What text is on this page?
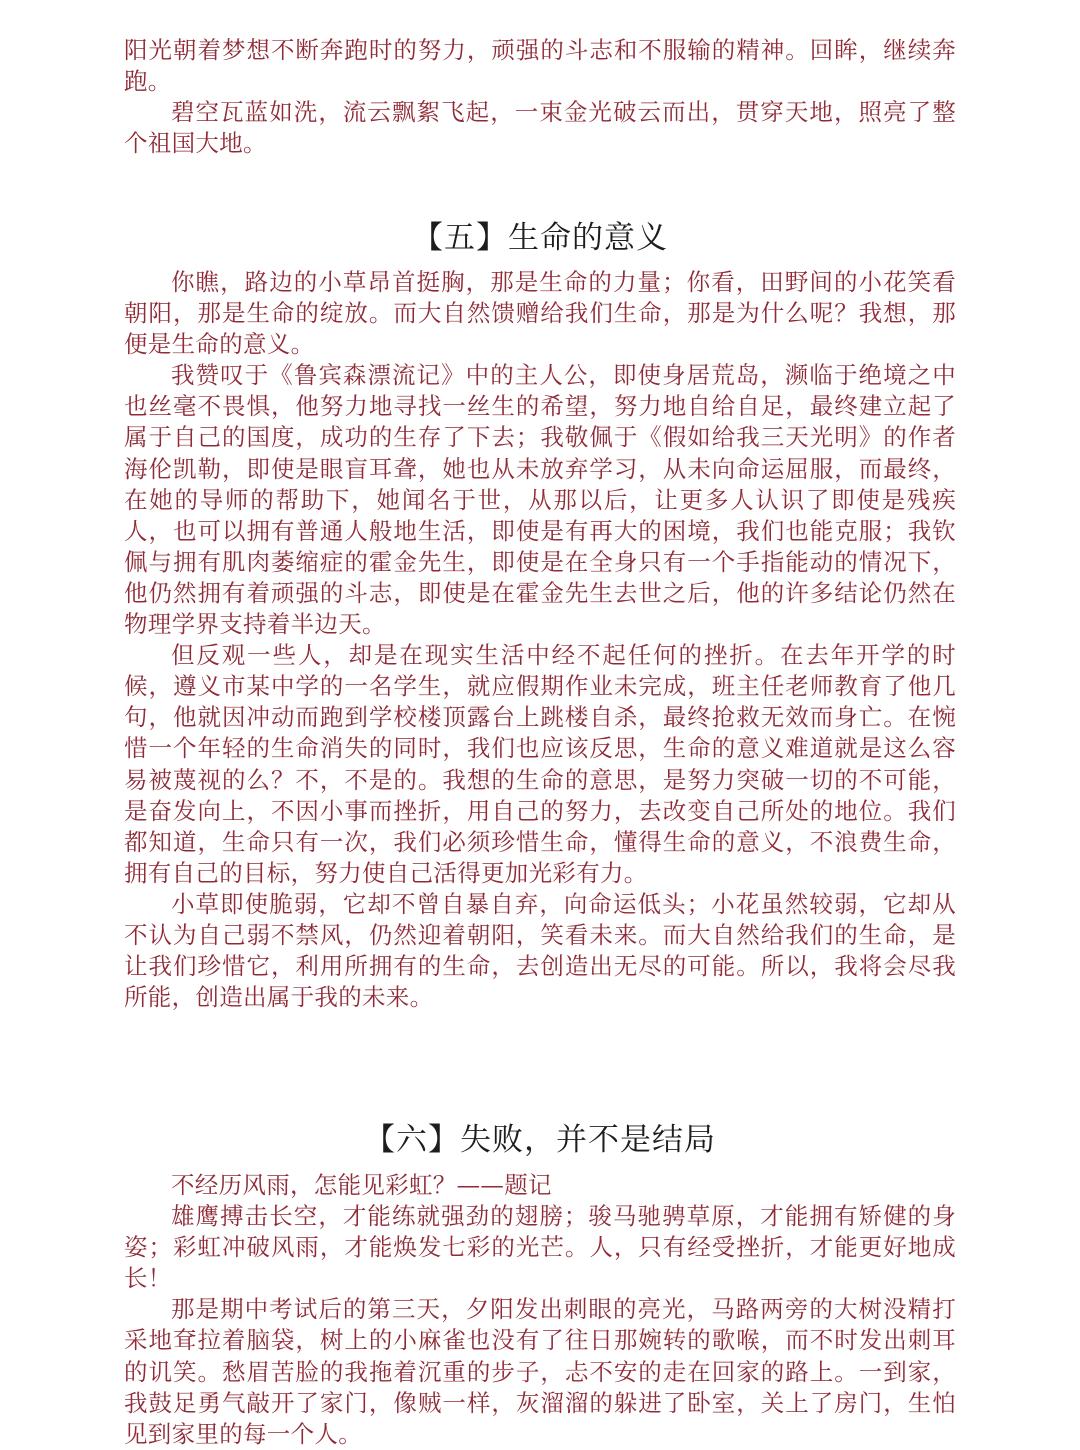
阳光朝着梦想不断奔跑时的努力，顽强的斗志和不服输的精神。回眸，继续奔跑。

碧空瓦蓝如洗，流云飘絮飞起，一束金光破云而出，贯穿天地，照亮了整个祖国大地。

【五】生命的意义

你瞧，路边的小草昂首挺胸，那是生命的力量；你看，田野间的小花笑看朝阳，那是生命的绽放。而大自然馈赠给我们生命，那是为什么呢？我想，那便是生命的意义。

我赞叹于《鲁宾森漂流记》中的主人公，即使身居荒岛，濒临于绝境之中也丝毫不畏惧，他努力地寻找一丝生的希望，努力地自给自足，最终建立起了属于自己的国度，成功的生存了下去；我敬佩于《假如给我三天光明》的作者海伦凯勒，即使是眼盲耳聋，她也从未放弃学习，从未向命运屈服，而最终，在她的导师的帮助下，她闻名于世，从那以后，让更多人认识了即使是残疾人，也可以拥有普通人般地生活，即使是有再大的困境，我们也能克服；我钦佩与拥有肌肉萎缩症的霍金先生，即使是在全身只有一个手指能动的情况下，他仍然拥有着顽强的斗志，即使是在霍金先生去世之后，他的许多结论仍然在物理学界支持着半边天。

但反观一些人，却是在现实生活中经不起任何的挫折。在去年开学的时候，遵义市某中学的一名学生，就应假期作业未完成，班主任老师教育了他几句，他就因冲动而跑到学校楼顶露台上跳楼自杀，最终抢救无效而身亡。在惋惜一个年轻的生命消失的同时，我们也应该反思，生命的意义难道就是这么容易被蔑视的么？不，不是的。我想的生命的意思，是努力突破一切的不可能，是奋发向上，不因小事而挫折，用自己的努力，去改变自己所处的地位。我们都知道，生命只有一次，我们必须珍惜生命，懂得生命的意义，不浪费生命，拥有自己的目标，努力使自己活得更加光彩有力。

小草即使脆弱，它却不曾自暴自弃，向命运低头；小花虽然较弱，它却从不认为自己弱不禁风，仍然迎着朝阳，笑看未来。而大自然给我们的生命，是让我们珍惜它，利用所拥有的生命，去创造出无尽的可能。所以，我将会尽我所能，创造出属于我的未来。

【六】失败，并不是结局

不经历风雨，怎能见彩虹？——题记

雄鹰搏击长空，才能练就强劲的翅膀；骏马驰骋草原，才能拥有矫健的身姿；彩虹冲破风雨，才能焕发七彩的光芒。人，只有经受挫折，才能更好地成长！

那是期中考试后的第三天，夕阳发出刺眼的亮光，马路两旁的大树没精打采地耷拉着脑袋，树上的小麻雀也没有了往日那婉转的歌喉，而不时发出刺耳的讥笑。愁眉苦脸的我拖着沉重的步子，忐不安的走在回家的路上。一到家，我鼓足勇气敲开了家门，像贼一样，灰溜溜的躲进了卧室，关上了房门，生怕见到家里的每一个人。
